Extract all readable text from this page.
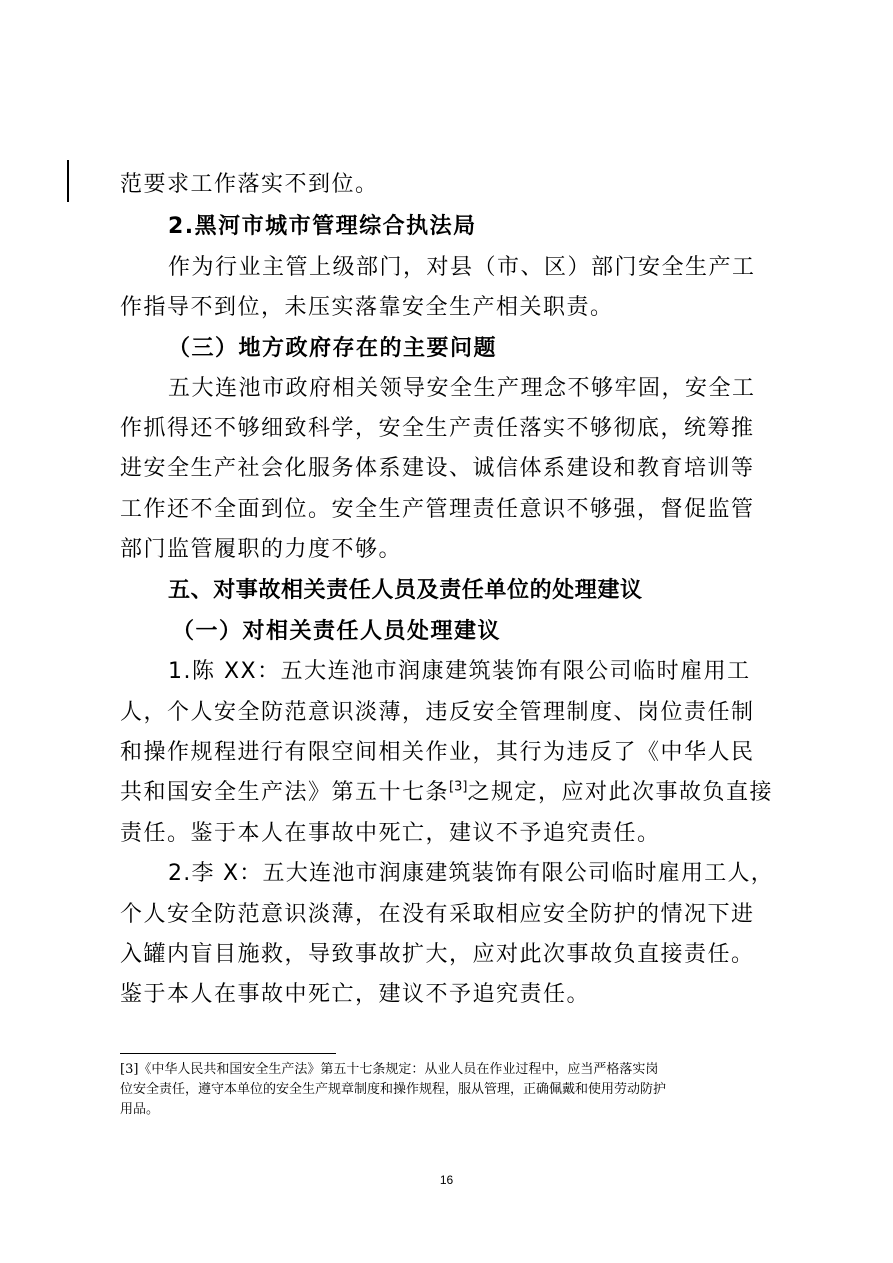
范要求工作落实不到位。
2.黑河市城市管理综合执法局
作为行业主管上级部门，对县（市、区）部门安全生产工
作指导不到位，未压实落靠安全生产相关职责。
（三）地方政府存在的主要问题
五大连池市政府相关领导安全生产理念不够牢固，安全工
作抓得还不够细致科学，安全生产责任落实不够彻底，统筹推
进安全生产社会化服务体系建设、诚信体系建设和教育培训等
工作还不全面到位。安全生产管理责任意识不够强，督促监管
部门监管履职的力度不够。
五、对事故相关责任人员及责任单位的处理建议
（一）对相关责任人员处理建议
1.陈 XX：五大连池市润康建筑装饰有限公司临时雇用工
人，个人安全防范意识淡薄，违反安全管理制度、岗位责任制
和操作规程进行有限空间相关作业，其行为违反了《中华人民
共和国安全生产法》第五十七条[3]之规定，应对此次事故负直接
责任。鉴于本人在事故中死亡，建议不予追究责任。
2.李 X：五大连池市润康建筑装饰有限公司临时雇用工人，
个人安全防范意识淡薄，在没有采取相应安全防护的情况下进
入罐内盲目施救，导致事故扩大，应对此次事故负直接责任。
鉴于本人在事故中死亡，建议不予追究责任。
[3]《中华人民共和国安全生产法》第五十七条规定：从业人员在作业过程中，应当严格落实岗
位安全责任，遵守本单位的安全生产规章制度和操作规程，服从管理，正确佩戴和使用劳动防护
用品。
16
